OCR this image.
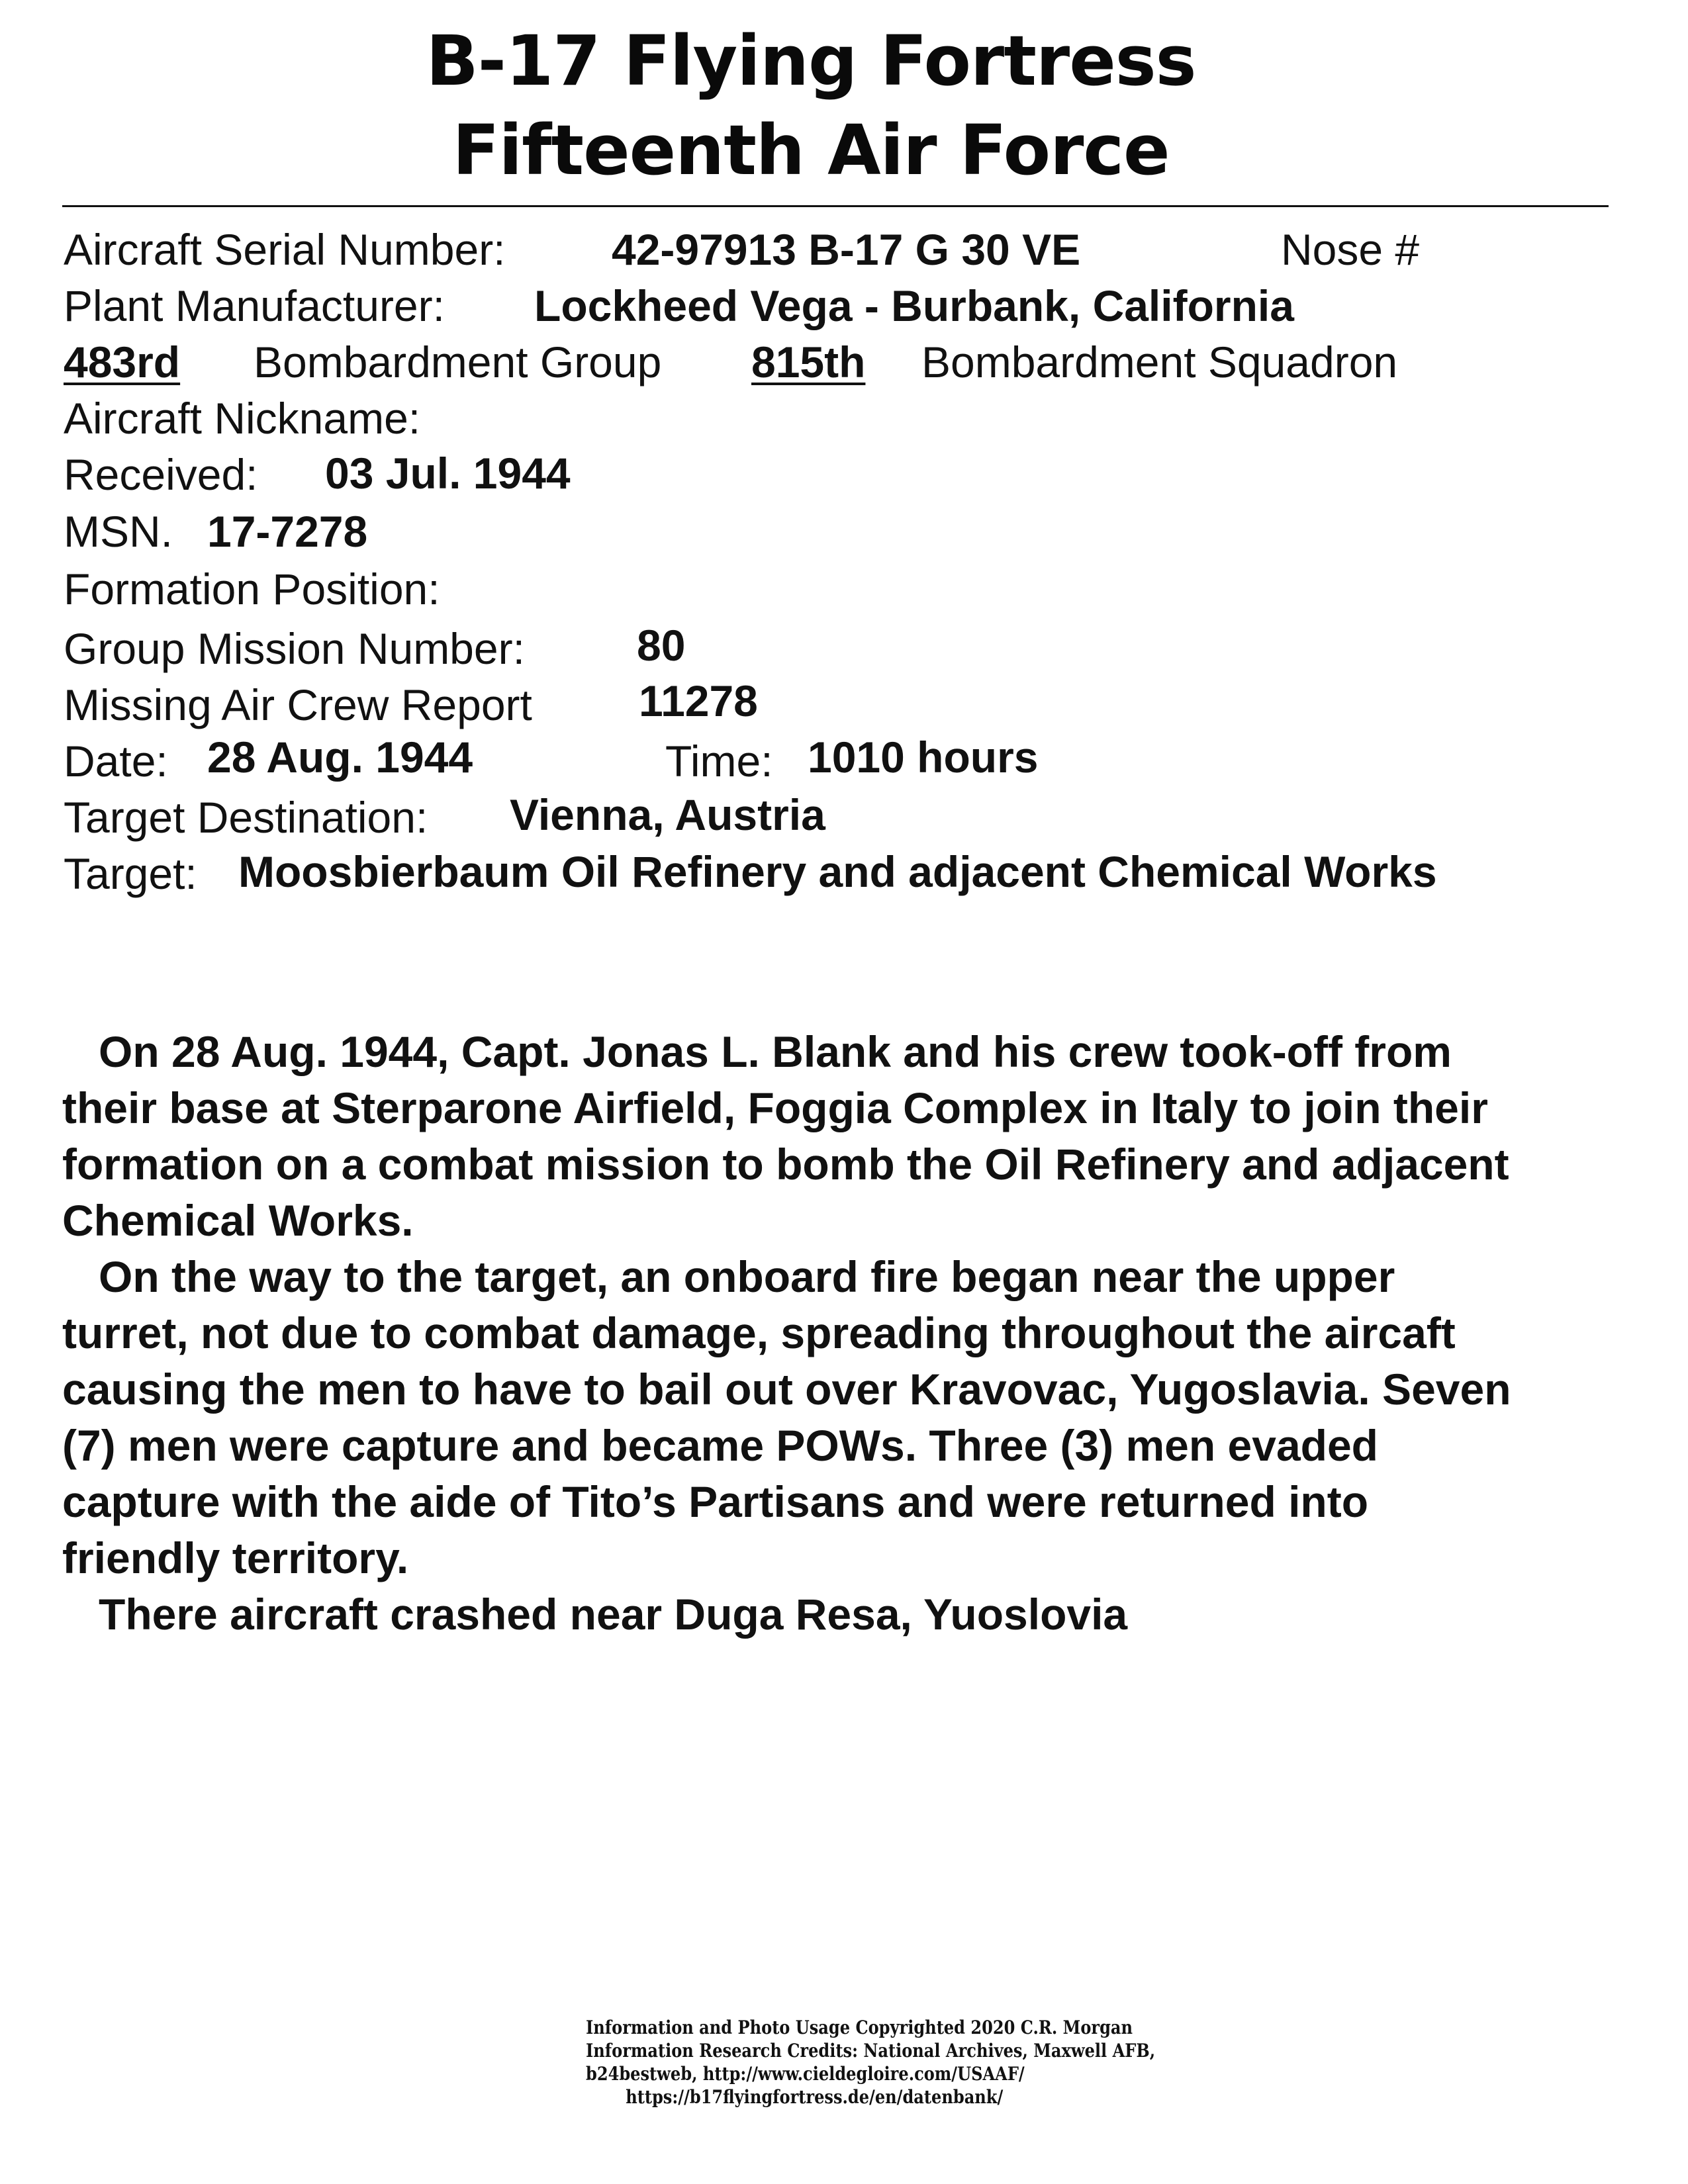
B-17 Flying Fortress
Fifteenth Air Force
Aircraft Serial Number: 42-97913 B-17 G 30 VE	Nose #
Plant Manufacturer: Lockheed Vega - Burbank, California
483rd	Bombardment Group 815th	Bombardment Squadron
Aircraft Nickname:
Received: 03 Jul. 1944
MSN. 17-7278
Formation Position:
Group Mission Number:	80
Missing Air Crew Report 11278
Date: 28 Aug. 1944	Time: 1010 hours
Target Destination: Vienna, Austria
Target: Moosbierbaum Oil Refinery and adjacent Chemical Works
On 28 Aug. 1944, Capt. Jonas L. Blank and his crew took-off from
their base at Sterparone Airfield, Foggia Complex in Italy to join their
formation on a combat mission to bomb the Oil Refinery and adjacent
Chemical Works.
On the way to the target, an onboard fire began near the upper
turret, not due to combat damage, spreading throughout the aircaft
causing the men to have to bail out over Kravovac, Yugoslavia. Seven
(7) men were capture and became POWs. Three (3) men evaded
capture with the aide of Tito’s Partisans and were returned into
friendly territory.
There aircraft crashed near Duga Resa, Yuoslovia
Information and Photo Usage Copyrighted 2020 C.R. Morgan
Information Research Credits: National Archives, Maxwell AFB,
b24bestweb, http://www.cieldegloire.com/USAAF/
https://b17flyingfortress.de/en/datenbank/
